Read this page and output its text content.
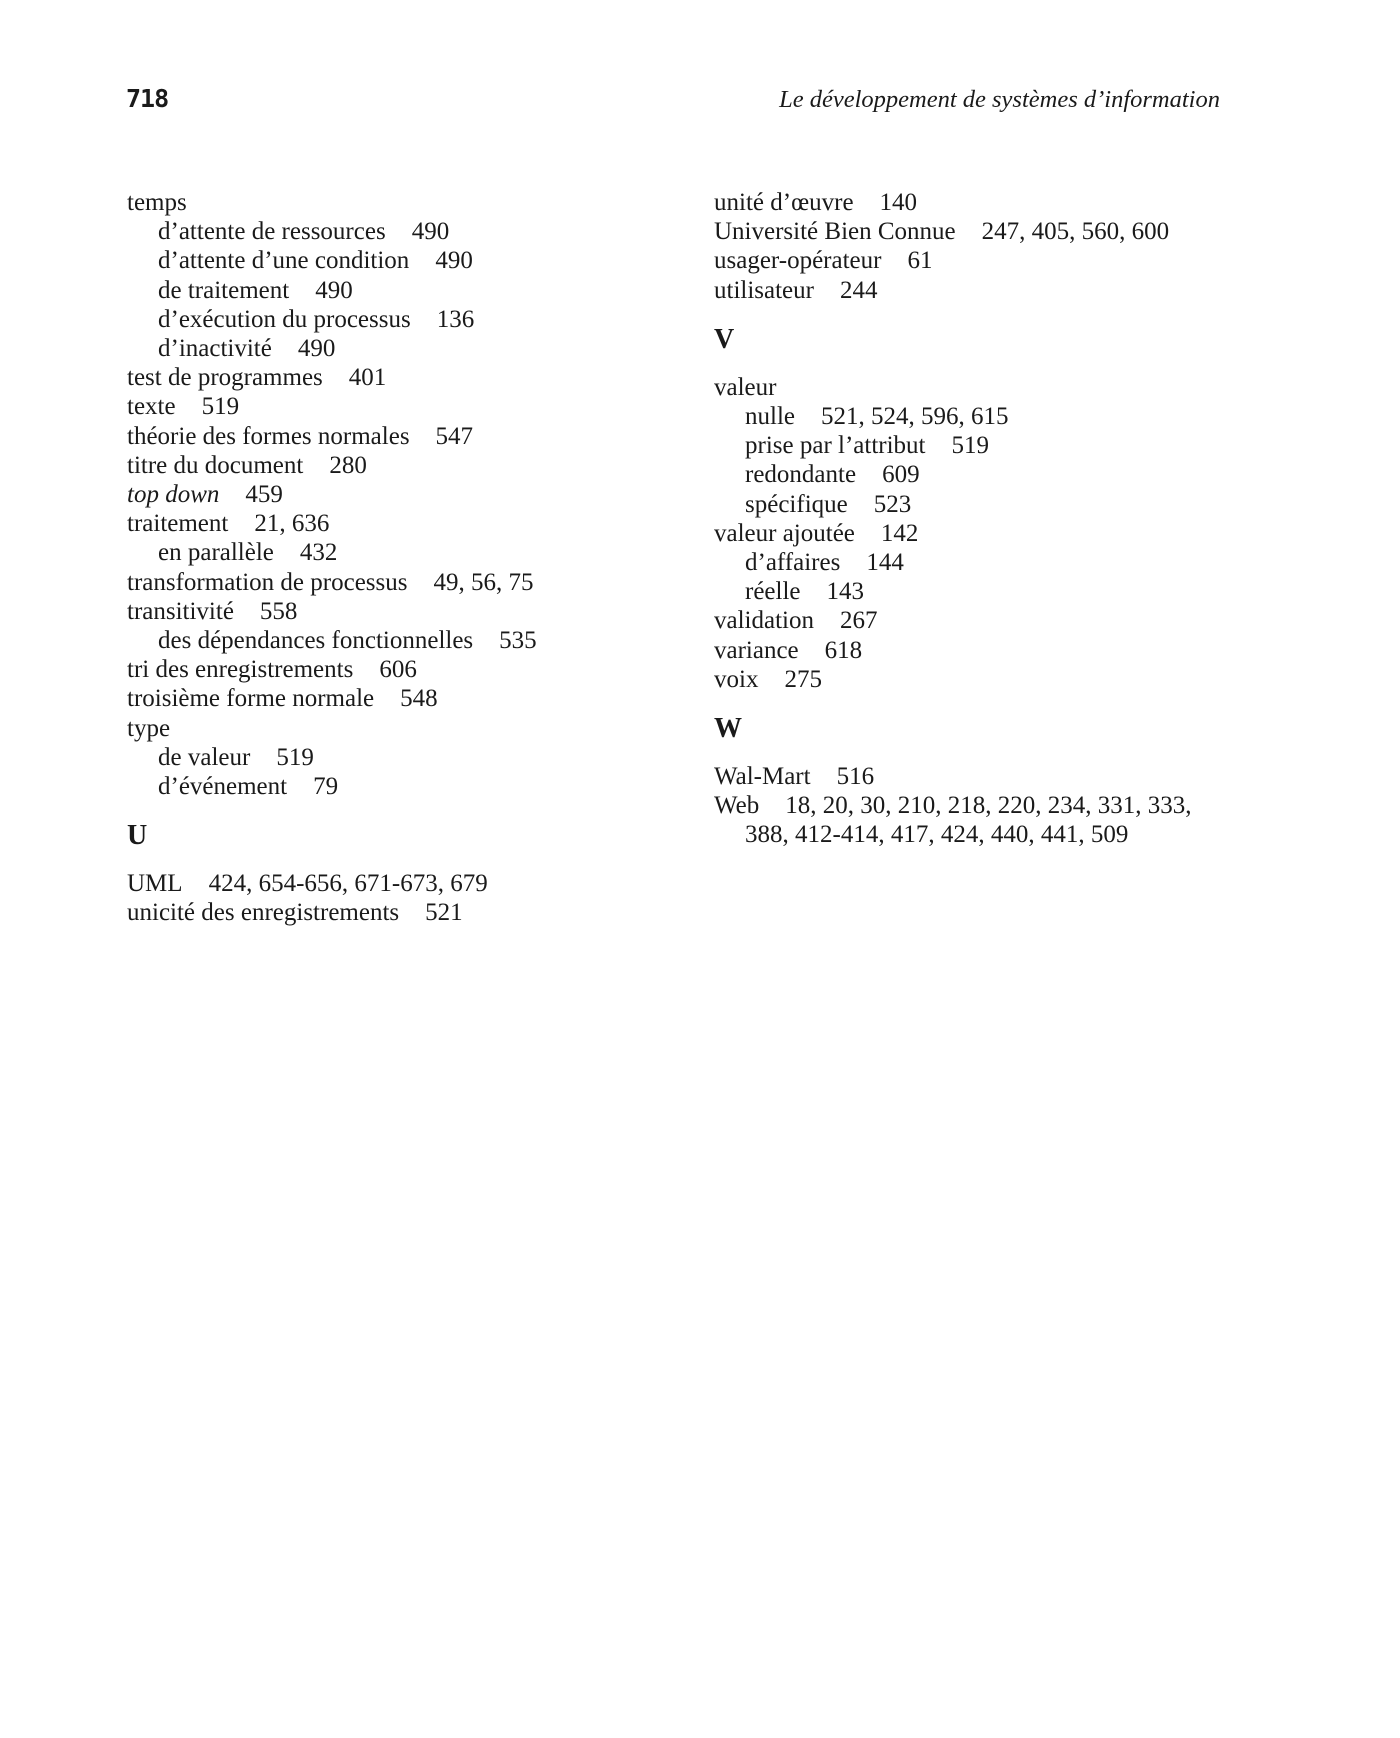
718	Le développement de systèmes d’information
temps
d’attente de ressources 490
d’attente d’une condition 490
de traitement 490
d’exécution du processus 136
d’inactivité 490
test de programmes 401
texte 519
théorie des formes normales 547
titre du document 280
top down 459
traitement 21, 636
en parallèle 432
transformation de processus 49, 56, 75
transitivité 558
des dépendances fonctionnelles 535
tri des enregistrements 606
troisième forme normale 548
type
de valeur 519
d’événement 79
U
UML 424, 654-656, 671-673, 679
unicité des enregistrements 521
unité d’œuvre 140
Université Bien Connue 247, 405, 560, 600
usager-opérateur 61
utilisateur 244
V
valeur
nulle 521, 524, 596, 615
prise par l’attribut 519
redondante 609
spécifique 523
valeur ajoutée 142
d’affaires 144
réelle 143
validation 267
variance 618
voix 275
W
Wal-Mart 516
Web 18, 20, 30, 210, 218, 220, 234, 331, 333,
388, 412-414, 417, 424, 440, 441, 509
